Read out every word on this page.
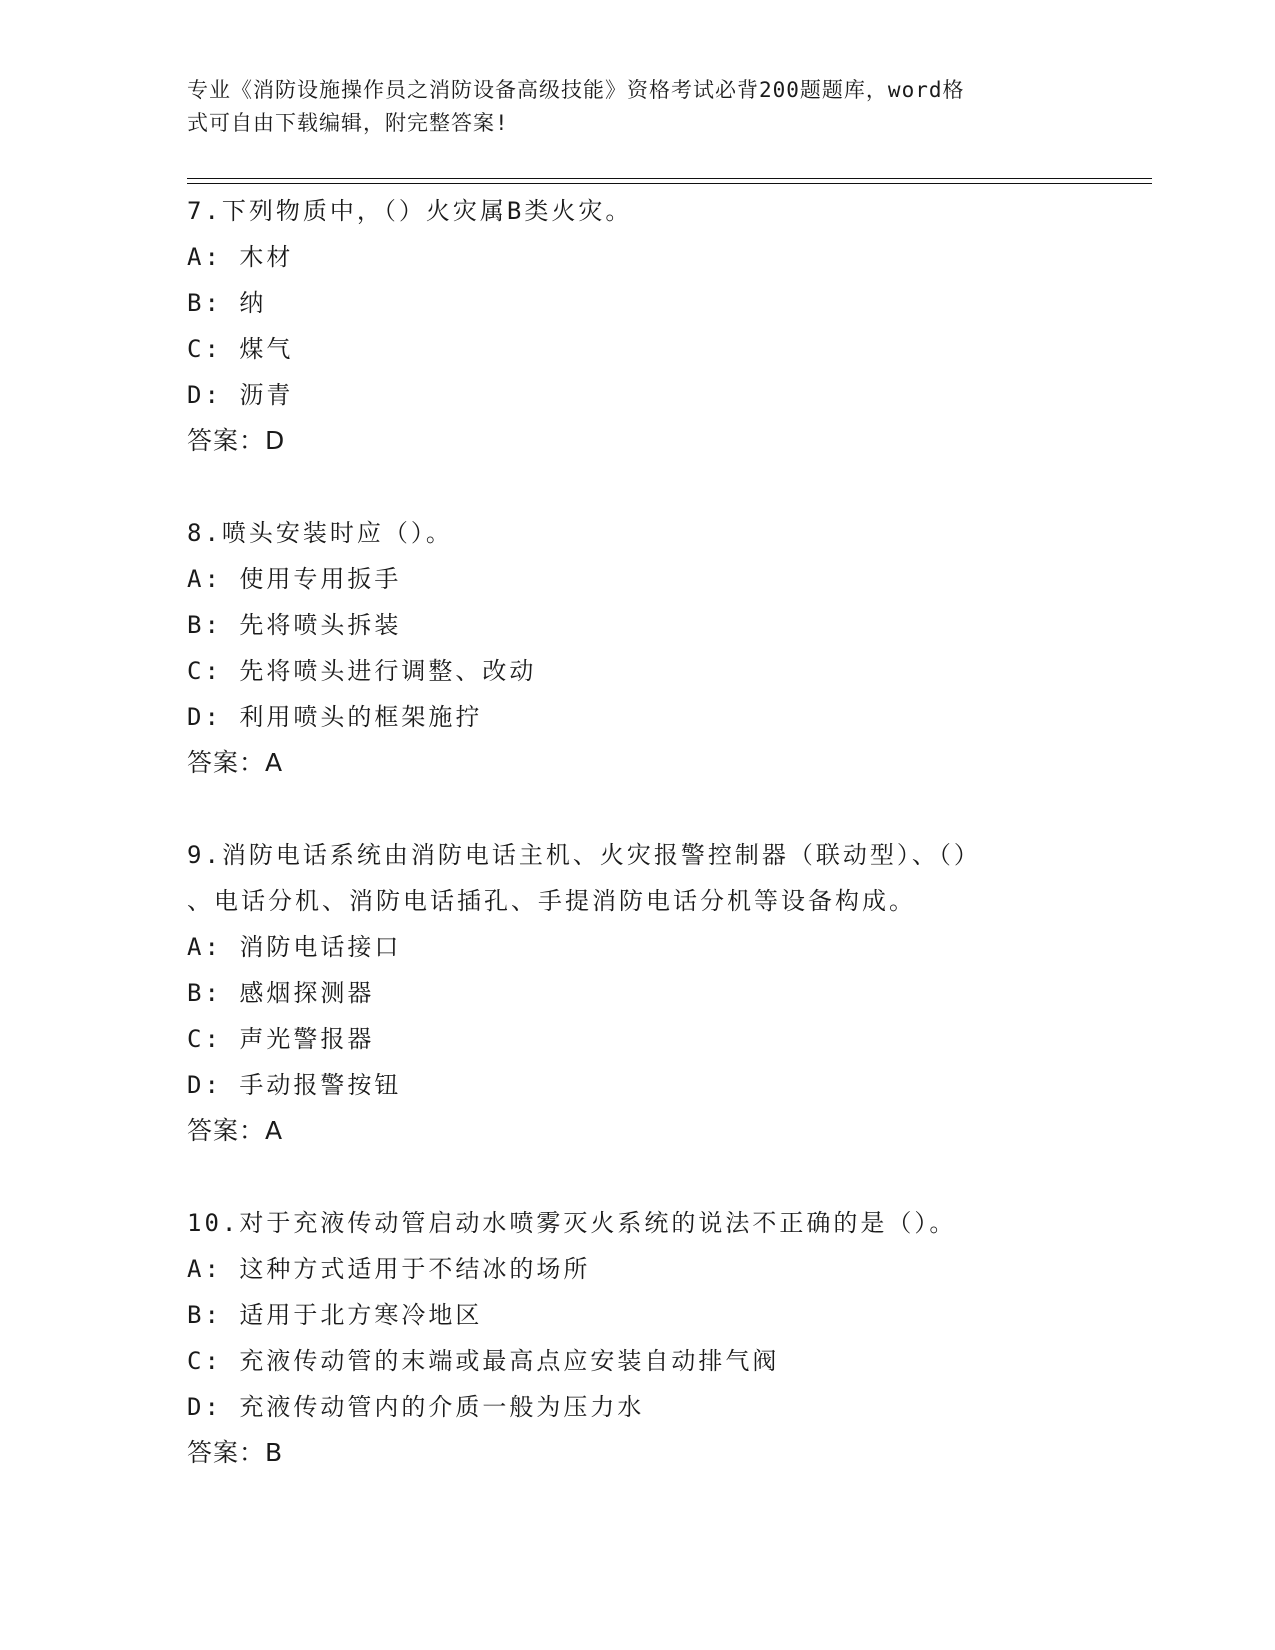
专业《消防设施操作员之消防设备高级技能》资格考试必背200题题库，word格
式可自由下载编辑，附完整答案!
7.下列物质中，（）火灾属B类火灾。
A: 木材
B: 纳
C: 煤气
D: 沥青
答案：D
8.喷头安装时应（）。
A: 使用专用扳手
B: 先将喷头拆装
C: 先将喷头进行调整、改动
D: 利用喷头的框架施拧
答案：A
9.消防电话系统由消防电话主机、火灾报警控制器（联动型）、（）
、电话分机、消防电话插孔、手提消防电话分机等设备构成。
A: 消防电话接口
B: 感烟探测器
C: 声光警报器
D: 手动报警按钮
答案：A
10.对于充液传动管启动水喷雾灭火系统的说法不正确的是（）。
A: 这种方式适用于不结冰的场所
B: 适用于北方寒冷地区
C: 充液传动管的末端或最高点应安装自动排气阀
D: 充液传动管内的介质一般为压力水
答案：B
